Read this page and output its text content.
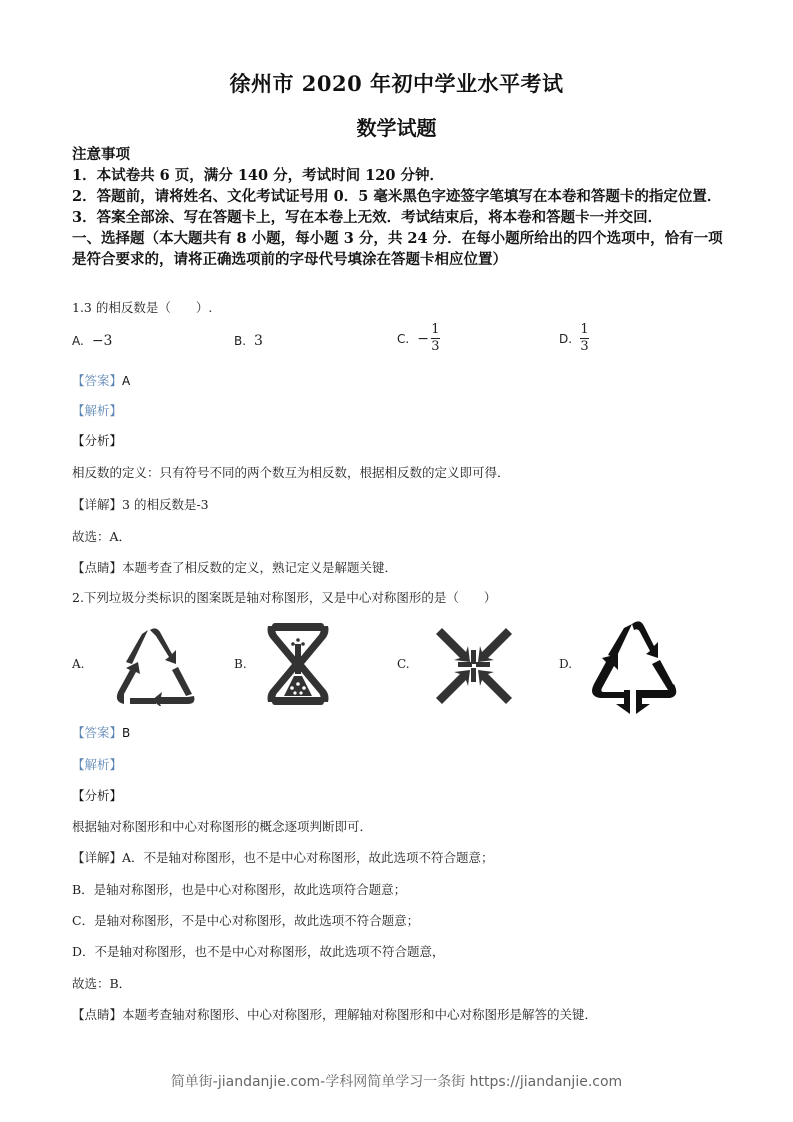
徐州市 2020 年初中学业水平考试
数学试题
注意事项
1．本试卷共 6 页，满分 140 分，考试时间 120 分钟．
2．答题前，请将姓名、文化考试证号用 0．5 毫米黑色字迹签字笔填写在本卷和答题卡的指定位置．
3．答案全部涂、写在答题卡上，写在本卷上无效．考试结束后，将本卷和答题卡一并交回．
一、选择题（本大题共有 8 小题，每小题 3 分，共 24 分．在每小题所给出的四个选项中，恰有一项是符合要求的，请将正确选项前的字母代号填涂在答题卡相应位置）
1.3 的相反数是（　　）.
A. −3	B. 3	C. − $\frac{1}{3}$	D. $\frac{1}{3}$
【答案】A
【解析】
【分析】
相反数的定义：只有符号不同的两个数互为相反数，根据相反数的定义即可得．
【详解】3 的相反数是-3
故选：A．
【点睛】本题考查了相反数的定义，熟记定义是解题关键．
2.下列垃圾分类标识的图案既是轴对称图形，又是中心对称图形的是（　　）
A.	B.	C.	D.
【答案】B
【解析】
【分析】
根据轴对称图形和中心对称图形的概念逐项判断即可．
【详解】A．不是轴对称图形，也不是中心对称图形，故此选项不符合题意；
B．是轴对称图形，也是中心对称图形，故此选项符合题意；
C．是轴对称图形，不是中心对称图形，故此选项不符合题意；
D．不是轴对称图形，也不是中心对称图形，故此选项不符合题意，
故选：B．
【点睛】本题考查轴对称图形、中心对称图形，理解轴对称图形和中心对称图形是解答的关键．
简单街-jiandanjie.com-学科网简单学习一条街 https://jiandanjie.com
